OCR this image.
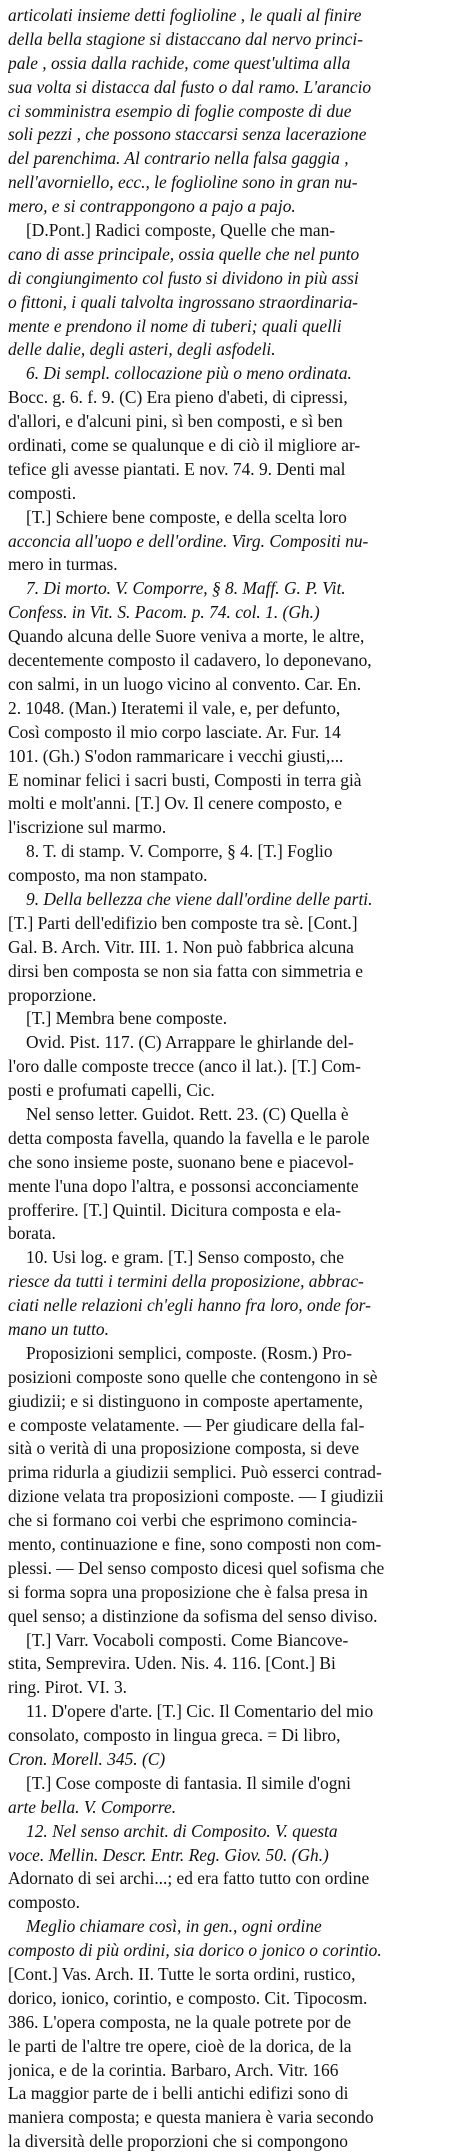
articolati insieme detti foglioline , le quali al finire
della bella stagione si distaccano dal nervo princi-
pale , ossia dalla rachide, come quest'ultima alla
sua volta si distacca dal fusto o dal ramo. L'arancio
ci somministra esempio di foglie composte di due
soli pezzi , che possono staccarsi senza lacerazione
del parenchima. Al contrario nella falsa gaggia ,
nell'avorniello, ecc., le foglioline sono in gran nu-
mero, e si contrappongono a pajo a pajo.
[D.Pont.] Radici composte, Quelle che man-
cano di asse principale, ossia quelle che nel punto
di congiungimento col fusto si dividono in più assi
o fittoni, i quali talvolta ingrossano straordinaria-
mente e prendono il nome di tuberi; quali quelli
delle dalie, degli asteri, degli asfodeli.
6. Di sempl. collocazione più o meno ordinata.
Bocc. g. 6. f. 9. (C) Era pieno d'abeti, di cipressi,
d'allori, e d'alcuni pini, sì ben composti, e sì ben
ordinati, come se qualunque e di ciò il migliore ar-
tefice gli avesse piantati. E nov. 74. 9. Denti mal
composti.
[T.] Schiere bene composte, e della scelta loro
acconcia all'uopo e dell'ordine. Virg. Compositi nu-
mero in turmas.
7. Di morto. V. Comporre, § 8. Maff. G. P. Vit.
Confess. in Vit. S. Pacom. p. 74. col. 1. (Gh.)
Quando alcuna delle Suore veniva a morte, le altre,
decentemente composto il cadavero, lo deponevano,
con salmi, in un luogo vicino al convento. Car. En.
2. 1048. (Man.) Iteratemi il vale, e, per defunto,
Così composto il mio corpo lasciate. Ar. Fur. 14
101. (Gh.) S'odon rammaricare i vecchi giusti,...
E nominar felici i sacri busti, Composti in terra già
molti e molt'anni. [T.] Ov. Il cenere composto, e
l'iscrizione sul marmo.
8. T. di stamp. V. Comporre, § 4. [T.] Foglio
composto, ma non stampato.
9. Della bellezza che viene dall'ordine delle parti.
[T.] Parti dell'edifizio ben composte tra sè. [Cont.]
Gal. B. Arch. Vitr. III. 1. Non può fabbrica alcuna
dirsi ben composta se non sia fatta con simmetria e
proporzione.
[T.] Membra bene composte.
Ovid. Pist. 117. (C) Arrappare le ghirlande del-
l'oro dalle composte trecce (anco il lat.). [T.] Com-
posti e profumati capelli, Cic.
Nel senso letter. Guidot. Rett. 23. (C) Quella è
detta composta favella, quando la favella e le parole
che sono insieme poste, suonano bene e piacevol-
mente l'una dopo l'altra, e possonsi acconciamente
profferire. [T.] Quintil. Dicitura composta e ela-
borata.
10. Usi log. e gram. [T.] Senso composto, che
riesce da tutti i termini della proposizione, abbrac-
ciati nelle relazioni ch'egli hanno fra loro, onde for-
mano un tutto.
Proposizioni semplici, composte. (Rosm.) Pro-
posizioni composte sono quelle che contengono in sè
giudizii; e si distinguono in composte apertamente,
e composte velatamente. — Per giudicare della fal-
sità o verità di una proposizione composta, si deve
prima ridurla a giudizii semplici. Può esserci contrad-
dizione velata tra proposizioni composte. — I giudizii
che si formano coi verbi che esprimono comincia-
mento, continuazione e fine, sono composti non com-
plessi. — Del senso composto dicesi quel sofisma che
si forma sopra una proposizione che è falsa presa in
quel senso; a distinzione da sofisma del senso diviso.
[T.] Varr. Vocaboli composti. Come Biancove-
stita, Semprevira. Uden. Nis. 4. 116. [Cont.] Bi
ring. Pirot. VI. 3.
11. D'opere d'arte. [T.] Cic. Il Comentario del mio
consolato, composto in lingua greca. = Di libro,
Cron. Morell. 345. (C)
[T.] Cose composte di fantasia. Il simile d'ogni
arte bella. V. Comporre.
12. Nel senso archit. di Composito. V. questa
voce. Mellin. Descr. Entr. Reg. Giov. 50. (Gh.)
Adornato di sei archi...; ed era fatto tutto con ordine
composto.
Meglio chiamare così, in gen., ogni ordine
composto di più ordini, sia dorico o jonico o corintio.
[Cont.] Vas. Arch. II. Tutte le sorta ordini, rustico,
dorico, ionico, corintio, e composto. Cit. Tipocosm.
386. L'opera composta, ne la quale potrete por de
le parti de l'altre tre opere, cioè de la dorica, de la
jonica, e de la corintia. Barbaro, Arch. Vitr. 166
La maggior parte de i belli antichi edifizi sono di
maniera composta; e questa maniera è varia secondo
la diversità delle proporzioni che si compongono
